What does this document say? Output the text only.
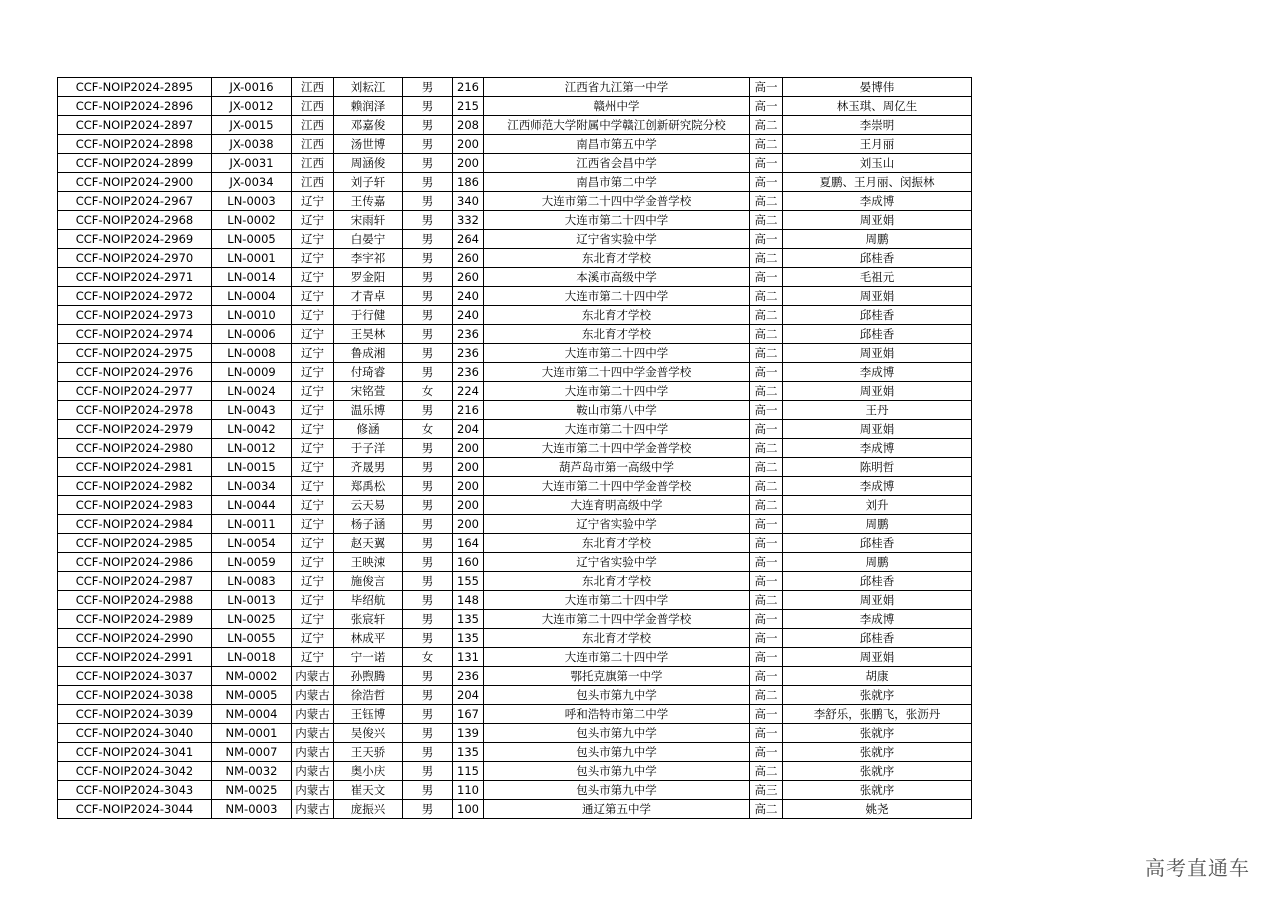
CCF-NOIP2024-2895	JX-0016	江西	刘耘江	男	216	江西省九江第一中学	高一	晏博伟
CCF-NOIP2024-2896	JX-0012	江西	赖润泽	男	215	赣州中学	高一	林玉琪、周亿生
CCF-NOIP2024-2897	JX-0015	江西	邓嘉俊	男	208	江西师范大学附属中学赣江创新研究院分校	高二	李崇明
CCF-NOIP2024-2898	JX-0038	江西	汤世博	男	200	南昌市第五中学	高二	王月丽
CCF-NOIP2024-2899	JX-0031	江西	周涵俊	男	200	江西省会昌中学	高一	刘玉山
CCF-NOIP2024-2900	JX-0034	江西	刘子轩	男	186	南昌市第二中学	高一	夏鹏、王月丽、闵振林
CCF-NOIP2024-2967	LN-0003	辽宁	王传嘉	男	340	大连市第二十四中学金普学校	高二	李成博
CCF-NOIP2024-2968	LN-0002	辽宁	宋雨轩	男	332	大连市第二十四中学	高二	周亚娟
CCF-NOIP2024-2969	LN-0005	辽宁	白晏宁	男	264	辽宁省实验中学	高一	周鹏
CCF-NOIP2024-2970	LN-0001	辽宁	李宇祁	男	260	东北育才学校	高二	邱桂香
CCF-NOIP2024-2971	LN-0014	辽宁	罗金阳	男	260	本溪市高级中学	高一	毛祖元
CCF-NOIP2024-2972	LN-0004	辽宁	才青卓	男	240	大连市第二十四中学	高二	周亚娟
CCF-NOIP2024-2973	LN-0010	辽宁	于行健	男	240	东北育才学校	高二	邱桂香
CCF-NOIP2024-2974	LN-0006	辽宁	王昊林	男	236	东北育才学校	高二	邱桂香
CCF-NOIP2024-2975	LN-0008	辽宁	鲁成湘	男	236	大连市第二十四中学	高二	周亚娟
CCF-NOIP2024-2976	LN-0009	辽宁	付琦睿	男	236	大连市第二十四中学金普学校	高一	李成博
CCF-NOIP2024-2977	LN-0024	辽宁	宋铭萱	女	224	大连市第二十四中学	高二	周亚娟
CCF-NOIP2024-2978	LN-0043	辽宁	温乐博	男	216	鞍山市第八中学	高一	王丹
CCF-NOIP2024-2979	LN-0042	辽宁	修涵	女	204	大连市第二十四中学	高一	周亚娟
CCF-NOIP2024-2980	LN-0012	辽宁	于子洋	男	200	大连市第二十四中学金普学校	高二	李成博
CCF-NOIP2024-2981	LN-0015	辽宁	齐晟男	男	200	葫芦岛市第一高级中学	高二	陈明哲
CCF-NOIP2024-2982	LN-0034	辽宁	郑禹松	男	200	大连市第二十四中学金普学校	高二	李成博
CCF-NOIP2024-2983	LN-0044	辽宁	云天易	男	200	大连育明高级中学	高二	刘升
CCF-NOIP2024-2984	LN-0011	辽宁	杨子涵	男	200	辽宁省实验中学	高一	周鹏
CCF-NOIP2024-2985	LN-0054	辽宁	赵天翼	男	164	东北育才学校	高一	邱桂香
CCF-NOIP2024-2986	LN-0059	辽宁	王映涑	男	160	辽宁省实验中学	高一	周鹏
CCF-NOIP2024-2987	LN-0083	辽宁	施俊言	男	155	东北育才学校	高一	邱桂香
CCF-NOIP2024-2988	LN-0013	辽宁	毕绍航	男	148	大连市第二十四中学	高二	周亚娟
CCF-NOIP2024-2989	LN-0025	辽宁	张宸轩	男	135	大连市第二十四中学金普学校	高一	李成博
CCF-NOIP2024-2990	LN-0055	辽宁	林成平	男	135	东北育才学校	高一	邱桂香
CCF-NOIP2024-2991	LN-0018	辽宁	宁一诺	女	131	大连市第二十四中学	高一	周亚娟
CCF-NOIP2024-3037	NM-0002	内蒙古	孙煦腾	男	236	鄂托克旗第一中学	高一	胡康
CCF-NOIP2024-3038	NM-0005	内蒙古	徐浩哲	男	204	包头市第九中学	高二	张就序
CCF-NOIP2024-3039	NM-0004	内蒙古	王钰博	男	167	呼和浩特市第二中学	高一	李舒乐，张鹏飞，张沥丹
CCF-NOIP2024-3040	NM-0001	内蒙古	吴俊兴	男	139	包头市第九中学	高一	张就序
CCF-NOIP2024-3041	NM-0007	内蒙古	王天骄	男	135	包头市第九中学	高一	张就序
CCF-NOIP2024-3042	NM-0032	内蒙古	奥小庆	男	115	包头市第九中学	高二	张就序
CCF-NOIP2024-3043	NM-0025	内蒙古	崔天文	男	110	包头市第九中学	高三	张就序
CCF-NOIP2024-3044	NM-0003	内蒙古	庞振兴	男	100	通辽第五中学	高二	姚尧
高考直通车
